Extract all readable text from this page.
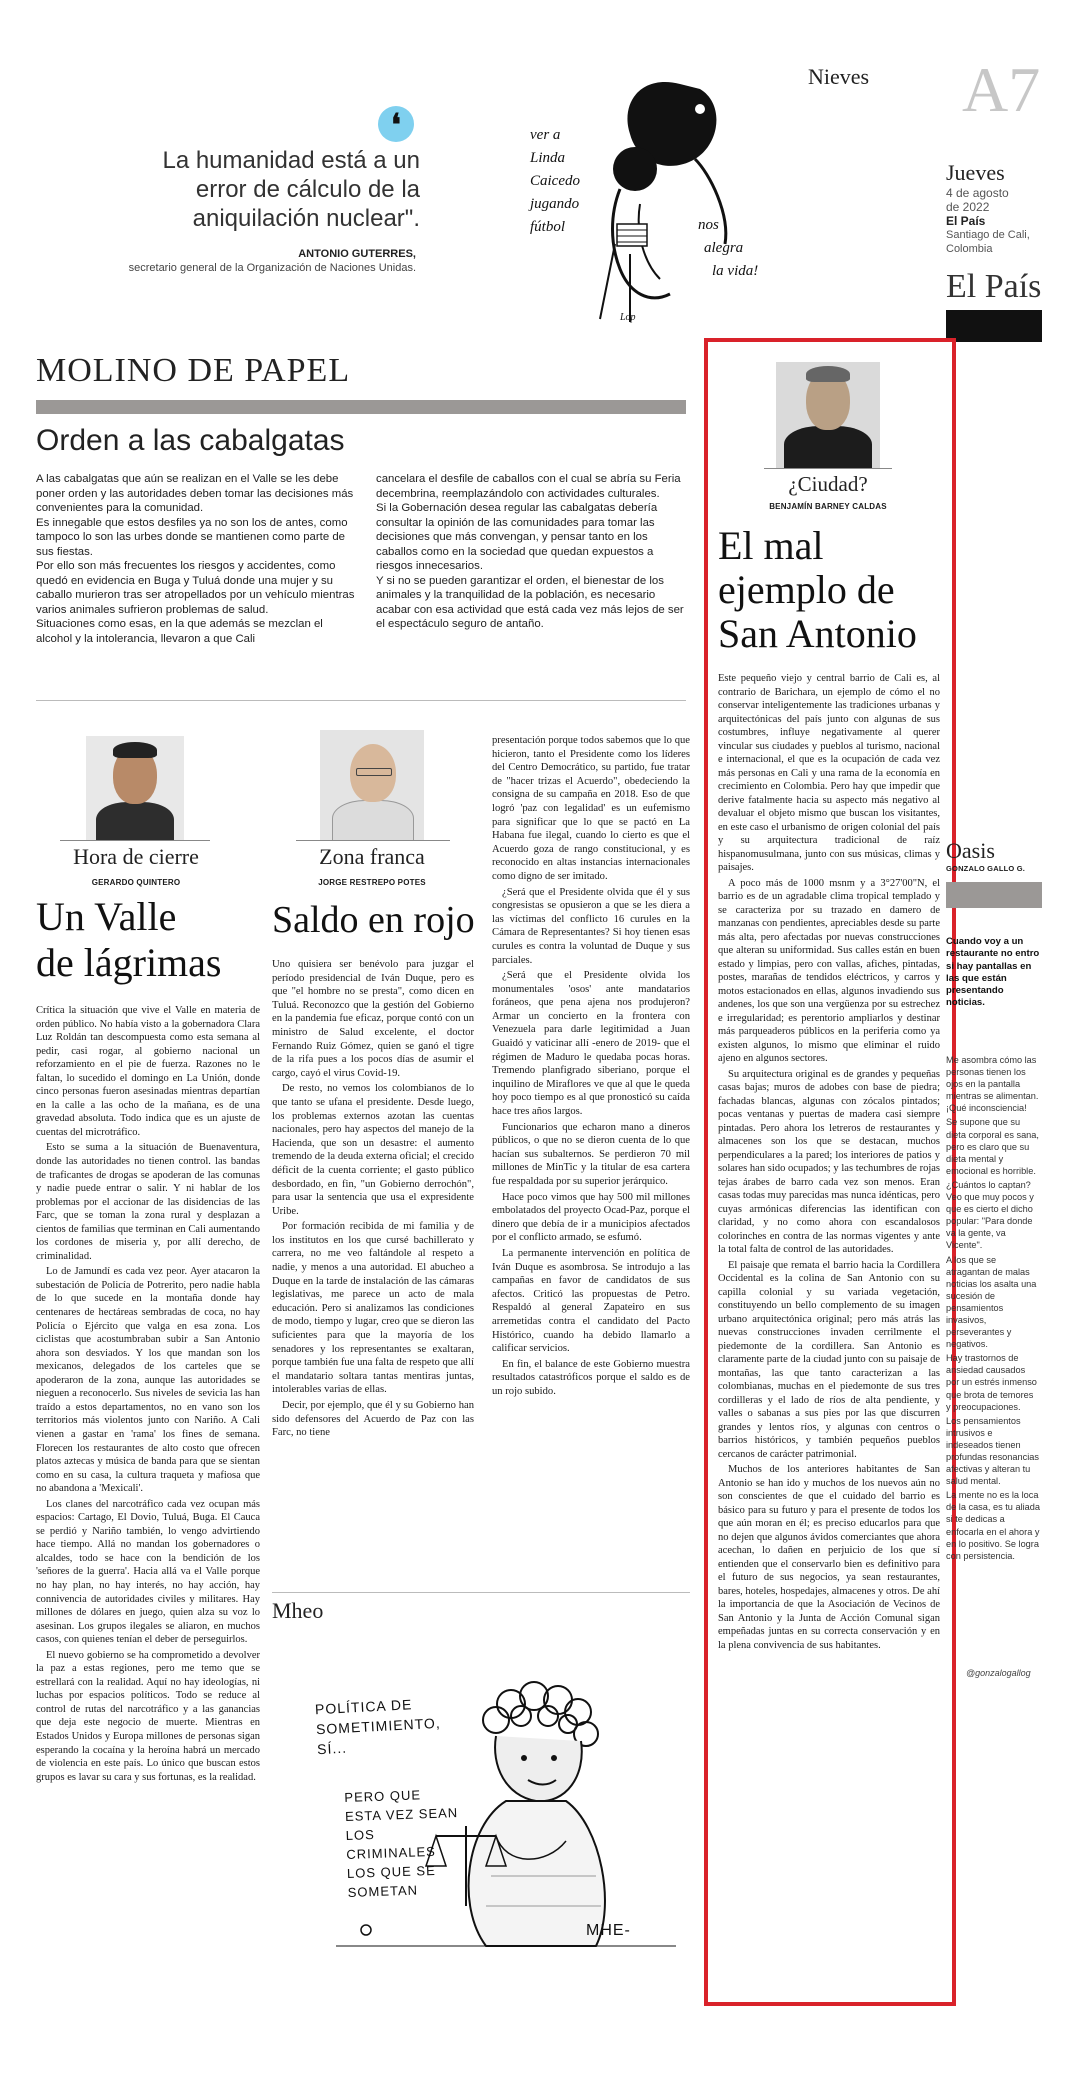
Nieves A7
Jueves
4 de agosto
de 2022
El País
Santiago de Cali,
Colombia
El País
❛
La humanidad está a un
error de cálculo de la
aniquilación nuclear".
ANTONIO GUTERRES,
secretario general de la Organización de Naciones Unidas.
ver a
Linda
Caicedo
jugando
fútbol	nos
alegra
la vida!
Lop
MOLINO DE PAPEL
Orden a las cabalgatas
A las cabalgatas que aún se realizan en el Valle se les debe poner orden y las autoridades deben tomar las decisiones más convenientes para la comunidad.
Es innegable que estos desfiles ya no son los de antes, como tampoco lo son las urbes donde se mantienen como parte de sus fiestas.
Por ello son más frecuentes los riesgos y accidentes, como quedó en evidencia en Buga y Tuluá donde una mujer y su caballo murieron tras ser atropellados por un vehículo mientras varios animales sufrieron problemas de salud.
Situaciones como esas, en la que además se mezclan el alcohol y la intolerancia, llevaron a que Cali
cancelara el desfile de caballos con el cual se abría su Feria decembrina, reemplazándolo con actividades culturales.
Si la Gobernación desea regular las cabalgatas debería consultar la opinión de las comunidades para tomar las decisiones que más convengan, y pensar tanto en los caballos como en la sociedad que quedan expuestos a riesgos innecesarios.
Y si no se pueden garantizar el orden, el bienestar de los animales y la tranquilidad de la población, es necesario acabar con esa actividad que está cada vez más lejos de ser el espectáculo seguro de antaño.
Hora de cierre
GERARDO QUINTERO
Un Valle
de lágrimas

Crítica la situación que vive el Valle en materia de orden público. No había visto a la gobernadora Clara Luz Roldán tan descompuesta como esta semana al pedir, casi rogar, al gobierno nacional un reforzamiento en el pie de fuerza. Razones no le faltan, lo sucedido el domingo en La Unión, donde cinco personas fueron asesinadas mientras departían en la calle a las ocho de la mañana, es de una gravedad absoluta. Todo indica que es un ajuste de cuentas del microtráfico.

Esto se suma a la situación de Buenaventura, donde las autoridades no tienen control. las bandas de traficantes de drogas se apoderan de las comunas y nadie puede entrar o salir. Y ni hablar de los problemas por el accionar de las disidencias de las Farc, que se toman la zona rural y desplazan a cientos de familias que terminan en Cali aumentando los cordones de miseria y, por allí derecho, de criminalidad.

Lo de Jamundí es cada vez peor. Ayer atacaron la subestación de Policía de Potrerito, pero nadie habla de lo que sucede en la montaña donde hay centenares de hectáreas sembradas de coca, no hay Policía o Ejército que valga en esa zona. Los ciclistas que acostumbraban subir a San Antonio ahora son desviados. Y los que mandan son los mexicanos, delegados de los carteles que se apoderaron de la zona, aunque las autoridades se nieguen a reconocerlo. Sus niveles de sevicia las han traído a estos departamentos, no en vano son los territorios más violentos junto con Nariño. A Cali vienen a gastar en 'rama' los fines de semana. Florecen los restaurantes de alto costo que ofrecen platos aztecas y música de banda para que se sientan como en su casa, la cultura traqueta y mafiosa que no abandona a 'Mexicali'.

Los clanes del narcotráfico cada vez ocupan más espacios: Cartago, El Dovio, Tuluá, Buga. El Cauca se perdió y Nariño también, lo vengo advirtiendo hace tiempo. Allá no mandan los gobernadores o alcaldes, todo se hace con la bendición de los 'señores de la guerra'. Hacia allá va el Valle porque no hay plan, no hay interés, no hay acción, hay connivencia de autoridades civiles y militares. Hay millones de dólares en juego, quien alza su voz lo asesinan. Los grupos ilegales se aliaron, en muchos casos, con quienes tenían el deber de perseguirlos.

El nuevo gobierno se ha comprometido a devolver la paz a estas regiones, pero me temo que se estrellará con la realidad. Aquí no hay ideologías, ni luchas por espacios políticos. Todo se reduce al control de rutas del narcotráfico y a las ganancias que deja este negocio de muerte. Mientras en Estados Unidos y Europa millones de personas sigan esperando la cocaína y la heroína habrá un mercado de violencia en este país. Lo único que buscan estos grupos es lavar su cara y sus fortunas, es la realidad.

Zona franca
JORGE RESTREPO POTES
Saldo en rojo

Uno quisiera ser benévolo para juzgar el período presidencial de Iván Duque, pero es que "el hombre no se presta", como dicen en Tuluá. Reconozco que la gestión del Gobierno en la pandemia fue eficaz, porque contó con un ministro de Salud excelente, el doctor Fernando Ruiz Gómez, quien se ganó el tigre de la rifa pues a los pocos días de asumir el cargo, cayó el virus Covid-19.

De resto, no vemos los colombianos de lo que tanto se ufana el presidente. Desde luego, los problemas externos azotan las cuentas nacionales, pero hay aspectos del manejo de la Hacienda, que son un desastre: el aumento tremendo de la deuda externa oficial; el crecido déficit de la cuenta corriente; el gasto público desbordado, en fin, "un Gobierno derrochón", para usar la sentencia que usa el expresidente Uribe.

Por formación recibida de mi familia y de los institutos en los que cursé bachillerato y carrera, no me veo faltándole al respeto a nadie, y menos a una autoridad. El abucheo a Duque en la tarde de instalación de las cámaras legislativas, me parece un acto de mala educación. Pero si analizamos las condiciones de modo, tiempo y lugar, creo que se dieron las suficientes para que la mayoría de los senadores y los representantes se exaltaran, porque también fue una falta de respeto que allí el mandatario soltara tantas mentiras juntas, intolerables varias de ellas.

Decir, por ejemplo, que él y su Gobierno han sido defensores del Acuerdo de Paz con las Farc, no tiene

presentación porque todos sabemos que lo que hicieron, tanto el Presidente como los líderes del Centro Democrático, su partido, fue tratar de "hacer trizas el Acuerdo", obedeciendo la consigna de su campaña en 2018. Eso de que logró 'paz con legalidad' es un eufemismo para significar que lo que se pactó en La Habana fue ilegal, cuando lo cierto es que el Acuerdo goza de rango constitucional, y es reconocido en altas instancias internacionales como digno de ser imitado.

¿Será que el Presidente olvida que él y sus congresistas se opusieron a que se les diera a las víctimas del conflicto 16 curules en la Cámara de Representantes? Si hoy tienen esas curules es contra la voluntad de Duque y sus parciales.

¿Será que el Presidente olvida los monumentales 'osos' ante mandatarios foráneos, que pena ajena nos produjeron? Armar un concierto en la frontera con Venezuela para darle legitimidad a Juan Guaidó y vaticinar allí -enero de 2019- que el régimen de Maduro le quedaba pocas horas. Tremendo planfigrado siberiano, porque el inquilino de Miraflores ve que al que le queda hoy poco tiempo es al que pronosticó su caída hace tres años largos.

Funcionarios que echaron mano a dineros públicos, o que no se dieron cuenta de lo que hacían sus subalternos. Se perdieron 70 mil millones de MinTic y la titular de esa cartera fue respaldada por su superior jerárquico.

Hace poco vimos que hay 500 mil millones embolatados del proyecto Ocad-Paz, porque el dinero que debía de ir a municipios afectados por el conflicto armado, se esfumó.

La permanente intervención en política de Iván Duque es asombrosa. Se introdujo a las campañas en favor de candidatos de sus afectos. Criticó las propuestas de Petro. Respaldó al general Zapateiro en sus arremetidas contra el candidato del Pacto Histórico, cuando ha debido llamarlo a calificar servicios.

En fin, el balance de este Gobierno muestra resultados catastróficos porque el saldo es de un rojo subido.

Mheo
POLÍTICA DE
SOMETIMIENTO,
SÍ...
PERO QUE
ESTA VEZ SEAN
LOS
CRIMINALES
LOS QUE SE
SOMETAN
MHE-
¿Ciudad?
BENJAMÍN BARNEY CALDAS
El mal
ejemplo de
San Antonio

Este pequeño viejo y central barrio de Cali es, al contrario de Barichara, un ejemplo de cómo el no conservar inteligentemente las tradiciones urbanas y arquitectónicas del país junto con algunas de sus costumbres, influye negativamente al querer vincular sus ciudades y pueblos al turismo, nacional e internacional, el que es la ocupación de cada vez más personas en Cali y una rama de la economía en crecimiento en Colombia. Pero hay que impedir que derive fatalmente hacia su aspecto más negativo al devaluar el objeto mismo que buscan los visitantes, en este caso el urbanismo de origen colonial del país y su arquitectura tradicional de raíz hispanomusulmana, junto con sus músicas, climas y paisajes.

A poco más de 1000 msnm y a 3°27'00"N, el barrio es de un agradable clima tropical templado y se caracteriza por su trazado en damero de manzanas con pendientes, apreciables desde su parte más alta, pero afectadas por nuevas construcciones que alteran su uniformidad. Sus calles están en buen estado y limpias, pero con vallas, afiches, pintadas, postes, marañas de tendidos eléctricos, y carros y motos estacionados en ellas, algunos invadiendo sus andenes, los que son una vergüenza por su estrechez e irregularidad; es perentorio ampliarlos y destinar más parqueaderos públicos en la periferia como ya existen algunos, lo mismo que eliminar el ruido ajeno en algunos sectores.

Su arquitectura original es de grandes y pequeñas casas bajas; muros de adobes con base de piedra; fachadas blancas, algunas con zócalos pintados; pocas ventanas y puertas de madera casi siempre pintadas. Pero ahora los letreros de restaurantes y almacenes son los que se destacan, muchos perpendiculares a la pared; los interiores de patios y solares han sido ocupados; y las techumbres de rojas tejas árabes de barro cada vez son menos. Eran casas todas muy parecidas mas nunca idénticas, pero cuyas armónicas diferencias las identifican con claridad, y no como ahora con escandalosos colorinches en contra de las normas vigentes y ante la total falta de control de las autoridades.

El paisaje que remata el barrio hacia la Cordillera Occidental es la colina de San Antonio con su capilla colonial y su variada vegetación, constituyendo un bello complemento de su imagen urbano arquitectónica original; pero más atrás las nuevas construcciones invaden cerrilmente el piedemonte de la cordillera. San Antonio es claramente parte de la ciudad junto con su paisaje de montañas, las que tanto caracterizan a las colombianas, muchas en el piedemonte de sus tres cordilleras y el lado de ríos de alta pendiente, y valles o sabanas a sus pies por las que discurren grandes y lentos ríos, y algunas con centros o barrios históricos, y también pequeños pueblos cercanos de carácter patrimonial.

Muchos de los anteriores habitantes de San Antonio se han ido y muchos de los nuevos aún no son conscientes de que el cuidado del barrio es básico para su futuro y para el presente de todos los que aún moran en él; es preciso educarlos para que no dejen que algunos ávidos comerciantes que ahora acechan, lo dañen en perjuicio de los que sí entienden que el conservarlo bien es definitivo para el futuro de sus negocios, ya sean restaurantes, bares, hoteles, hospedajes, almacenes y otros. De ahí la importancia de que la Asociación de Vecinos de San Antonio y la Junta de Acción Comunal sigan empeñadas juntas en su correcta conservación y en la plena convivencia de sus habitantes.

Oasis
GONZALO GALLO G.
Cuando voy a un restaurante no entro si hay pantallas en las que están presentando noticias.
Me asombra cómo las personas tienen los ojos en la pantalla mientras se alimentan. ¡Qué inconsciencia!
Se supone que su dieta corporal es sana, pero es claro que su dieta mental y emocional es horrible.
¿Cuántos lo captan? Veo que muy pocos y que es cierto el dicho popular: "Para donde va la gente, va Vicente".
A los que se atragantan de malas noticias los asalta una sucesión de pensamientos invasivos, perseverantes y negativos.
Hay trastornos de ansiedad causados por un estrés inmenso que brota de temores y preocupaciones.
Los pensamientos intrusivos e indeseados tienen profundas resonancias afectivas y alteran tu salud mental.
La mente no es la loca de la casa, es tu aliada si te dedicas a enfocarla en el ahora y en lo positivo. Se logra con persistencia.
@gonzalogallog
